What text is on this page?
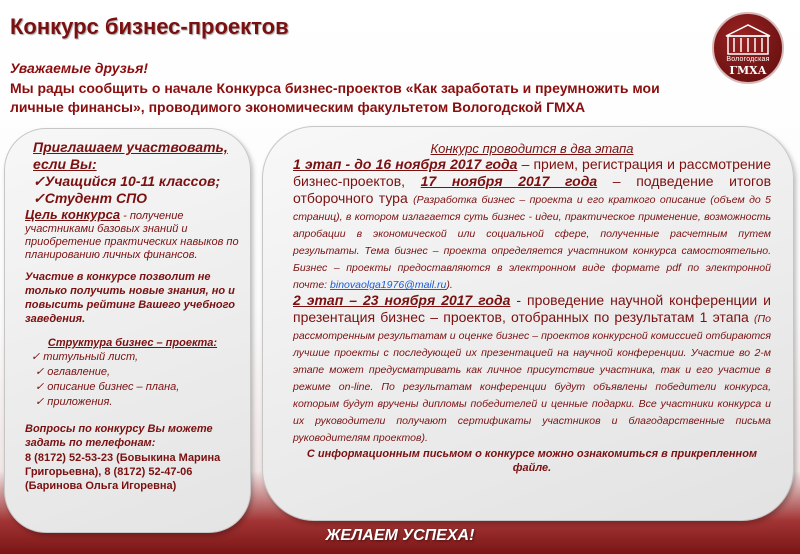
Конкурс бизнес-проектов
Вологодская
ГМХА
Уважаемые друзья!
Мы рады сообщить о начале Конкурса бизнес-проектов «Как заработать и преумножить мои личные финансы», проводимого экономическим факультетом Вологодской ГМХА
Приглашаем участвовать,
если Вы:
✓Учащийся 10-11 классов;
✓Студент СПО
Цель конкурса - получение участниками базовых знаний и приобретение практических навыков по планированию личных финансов.
Участие в конкурсе позволит не только получить новые знания, но и повысить рейтинг Вашего учебного заведения.
Структура бизнес – проекта:
✓ титульный лист,
✓ оглавление,
✓ описание бизнес – плана,
✓ приложения.
Вопросы по конкурсу Вы можете задать по телефонам:
8 (8172) 52-53-23 (Бовыкина Марина Григорьевна), 8 (8172) 52-47-06 (Баринова Ольга Игоревна)
Конкурс проводится в два этапа
1 этап - до 16 ноября 2017 года – прием, регистрация и рассмотрение бизнес-проектов, 17 ноября 2017 года – подведение итогов отборочного тура (Разработка бизнес – проекта и его краткого описание (объем до 5 страниц), в котором излагается суть бизнес - идеи, практическое применение, возможность апробации в экономической или социальной сфере, полученные расчетным путем результаты. Тема бизнес – проекта определяется участником конкурса самостоятельно. Бизнес – проекты предоставляются в электронном виде формате pdf по электронной почте: binovaolga1976@mail.ru).
2 этап – 23 ноября 2017 года - проведение научной конференции и презентация бизнес – проектов, отобранных по результатам 1 этапа (По рассмотренным результатам и оценке бизнес – проектов конкурсной комиссией отбираются лучшие проекты с последующей их презентацией на научной конференции. Участие во 2-м этапе может предусматривать как личное присутствие участника, так и его участие в режиме on-line. По результатам конференции будут объявлены победители конкурса, которым будут вручены дипломы победителей и ценные подарки. Все участники конкурса и их руководители получают сертификаты участников и благодарственные письма руководителям проектов).
С информационным письмом о конкурсе можно ознакомиться в прикрепленном файле.
ЖЕЛАЕМ УСПЕХА!
